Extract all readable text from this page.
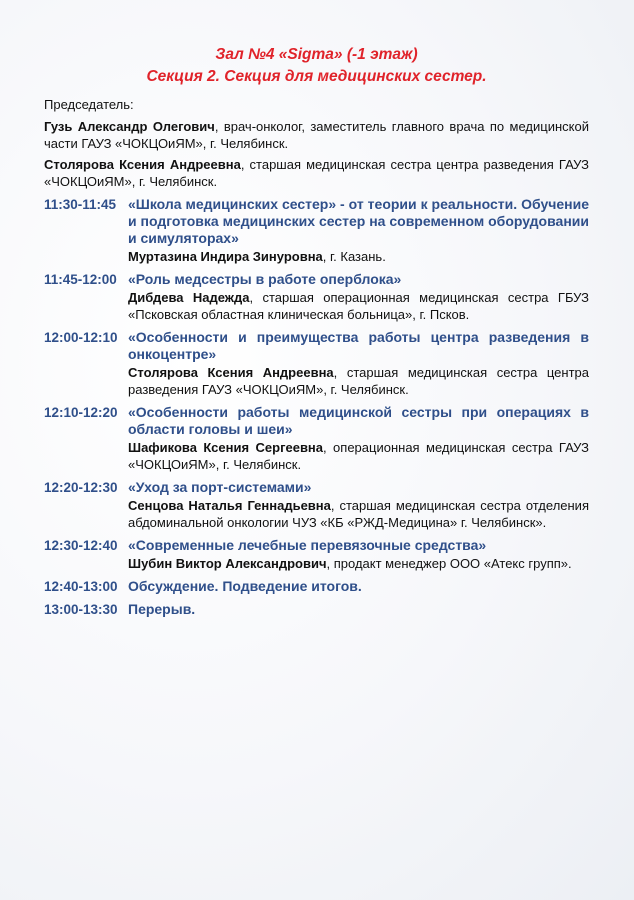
Зал №4 «Sigma» (-1 этаж)

Секция 2. Секция для медицинских сестер.

Председатель:

Гузь Александр Олегович, врач-онколог, заместитель главного врача по медицинской части ГАУЗ «ЧОКЦОиЯМ», г. Челябинск.

Столярова Ксения Андреевна, старшая медицинская сестра центра разведения ГАУЗ «ЧОКЦОиЯМ», г. Челябинск.

11:30-11:45 «Школа медицинских сестер» - от теории к реальности. Обучение и подготовка медицинских сестер на современном оборудовании и симуляторах»
Муртазина Индира Зинуровна, г. Казань.
11:45-12:00 «Роль медсестры в работе оперблока»
Дибдева Надежда, старшая операционная медицинская сестра ГБУЗ «Псковская областная клиническая больница», г. Псков.
12:00-12:10 «Особенности и преимущества работы центра разведения в онкоцентре»
Столярова Ксения Андреевна, старшая медицинская сестра центра разведения ГАУЗ «ЧОКЦОиЯМ», г. Челябинск.
12:10-12:20 «Особенности работы медицинской сестры при операциях в области головы и шеи»
Шафикова Ксения Сергеевна, операционная медицинская сестра ГАУЗ «ЧОКЦОиЯМ», г. Челябинск.
12:20-12:30 «Уход за порт-системами»
Сенцова Наталья Геннадьевна, старшая медицинская сестра отделения абдоминальной онкологии ЧУЗ «КБ «РЖД-Медицина» г. Челябинск».
12:30-12:40 «Современные лечебные перевязочные средства»
Шубин Виктор Александрович, продакт менеджер ООО «Атекс групп».
12:40-13:00 Обсуждение. Подведение итогов.
13:00-13:30 Перерыв.
